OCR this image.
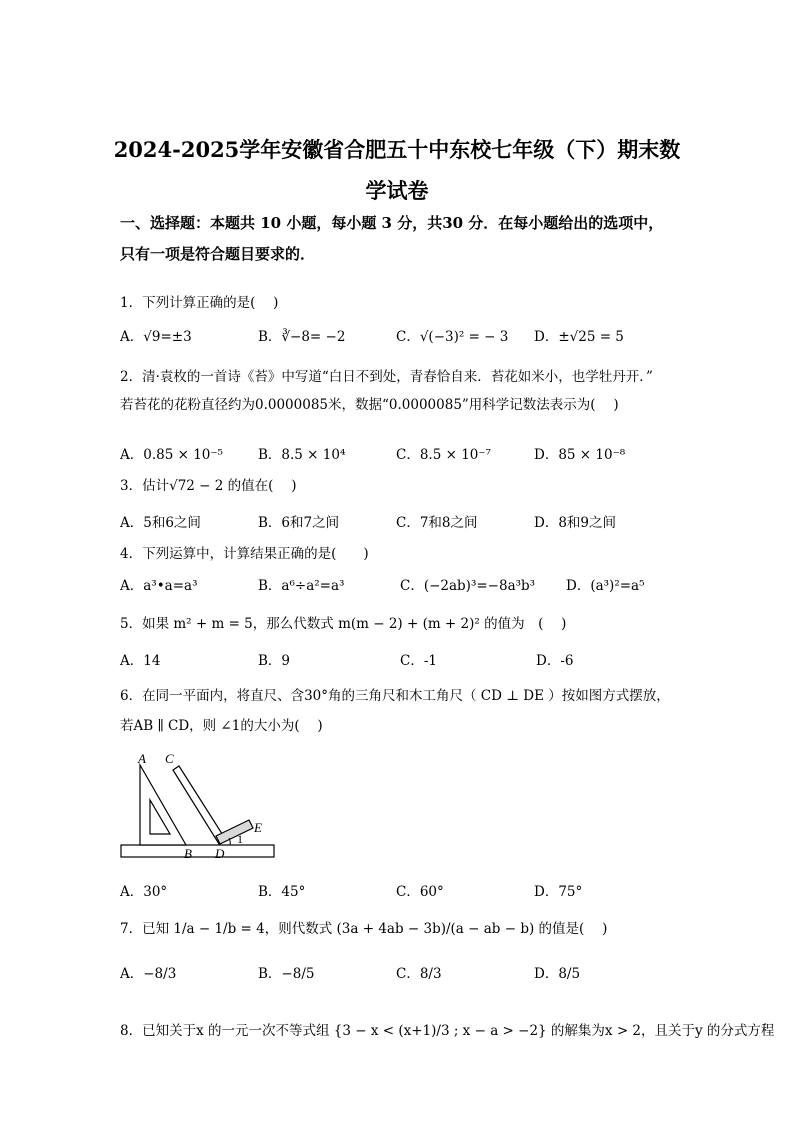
2024-2025学年安徽省合肥五十中东校七年级（下）期末数
学试卷
一、选择题：本题共 10 小题，每小题 3 分，共30 分．在每小题给出的选项中，
只有一项是符合题目要求的．
1．下列计算正确的是(　 )
A．√9=±3	B．∛−8= −2	C．√(−3)² = − 3 D．±√25 = 5
2．清·袁枚的一首诗《苔》中写道“白日不到处，青春恰自来．苔花如米小，也学牡丹开．”
若苔花的花粉直径约为0.0000085米，数据“0.0000085”用科学记数法表示为(　 )
A．0.85 × 10⁻⁵	B．8.5 × 10⁴	C．8.5 × 10⁻⁷	D．85 × 10⁻⁸
3．估计√72 − 2 的值在(　 )
A．5和6之间	B．6和7之间	C．7和8之间	D．8和9之间
4．下列运算中，计算结果正确的是(　　)
A．a³•a=a³	B．a⁶÷a²=a³	C．(−2ab)³=−8a³b³ D．(a³)²=a⁵
5．如果 m² + m = 5，那么代数式 m(m − 2) + (m + 2)² 的值为　(　 )
A．14	B．9	C．-1	D．-6
6．在同一平面内，将直尺、含30°角的三角尺和木工角尺（ CD ⊥ DE ）按如图方式摆放，
若AB ∥ CD，则 ∠1的大小为(　 )
A C
E
1
B D
A．30°	B．45°	C．60°	D．75°
7．已知 1/a − 1/b = 4，则代数式 (3a + 4ab − 3b)/(a − ab − b) 的值是(　 )
A．−8/3	B．−8/5	C．8/3	D．8/5
8．已知关于x 的一元一次不等式组 {3 − x < (x+1)/3 ; x − a > −2} 的解集为x > 2，且关于y 的分式方程
